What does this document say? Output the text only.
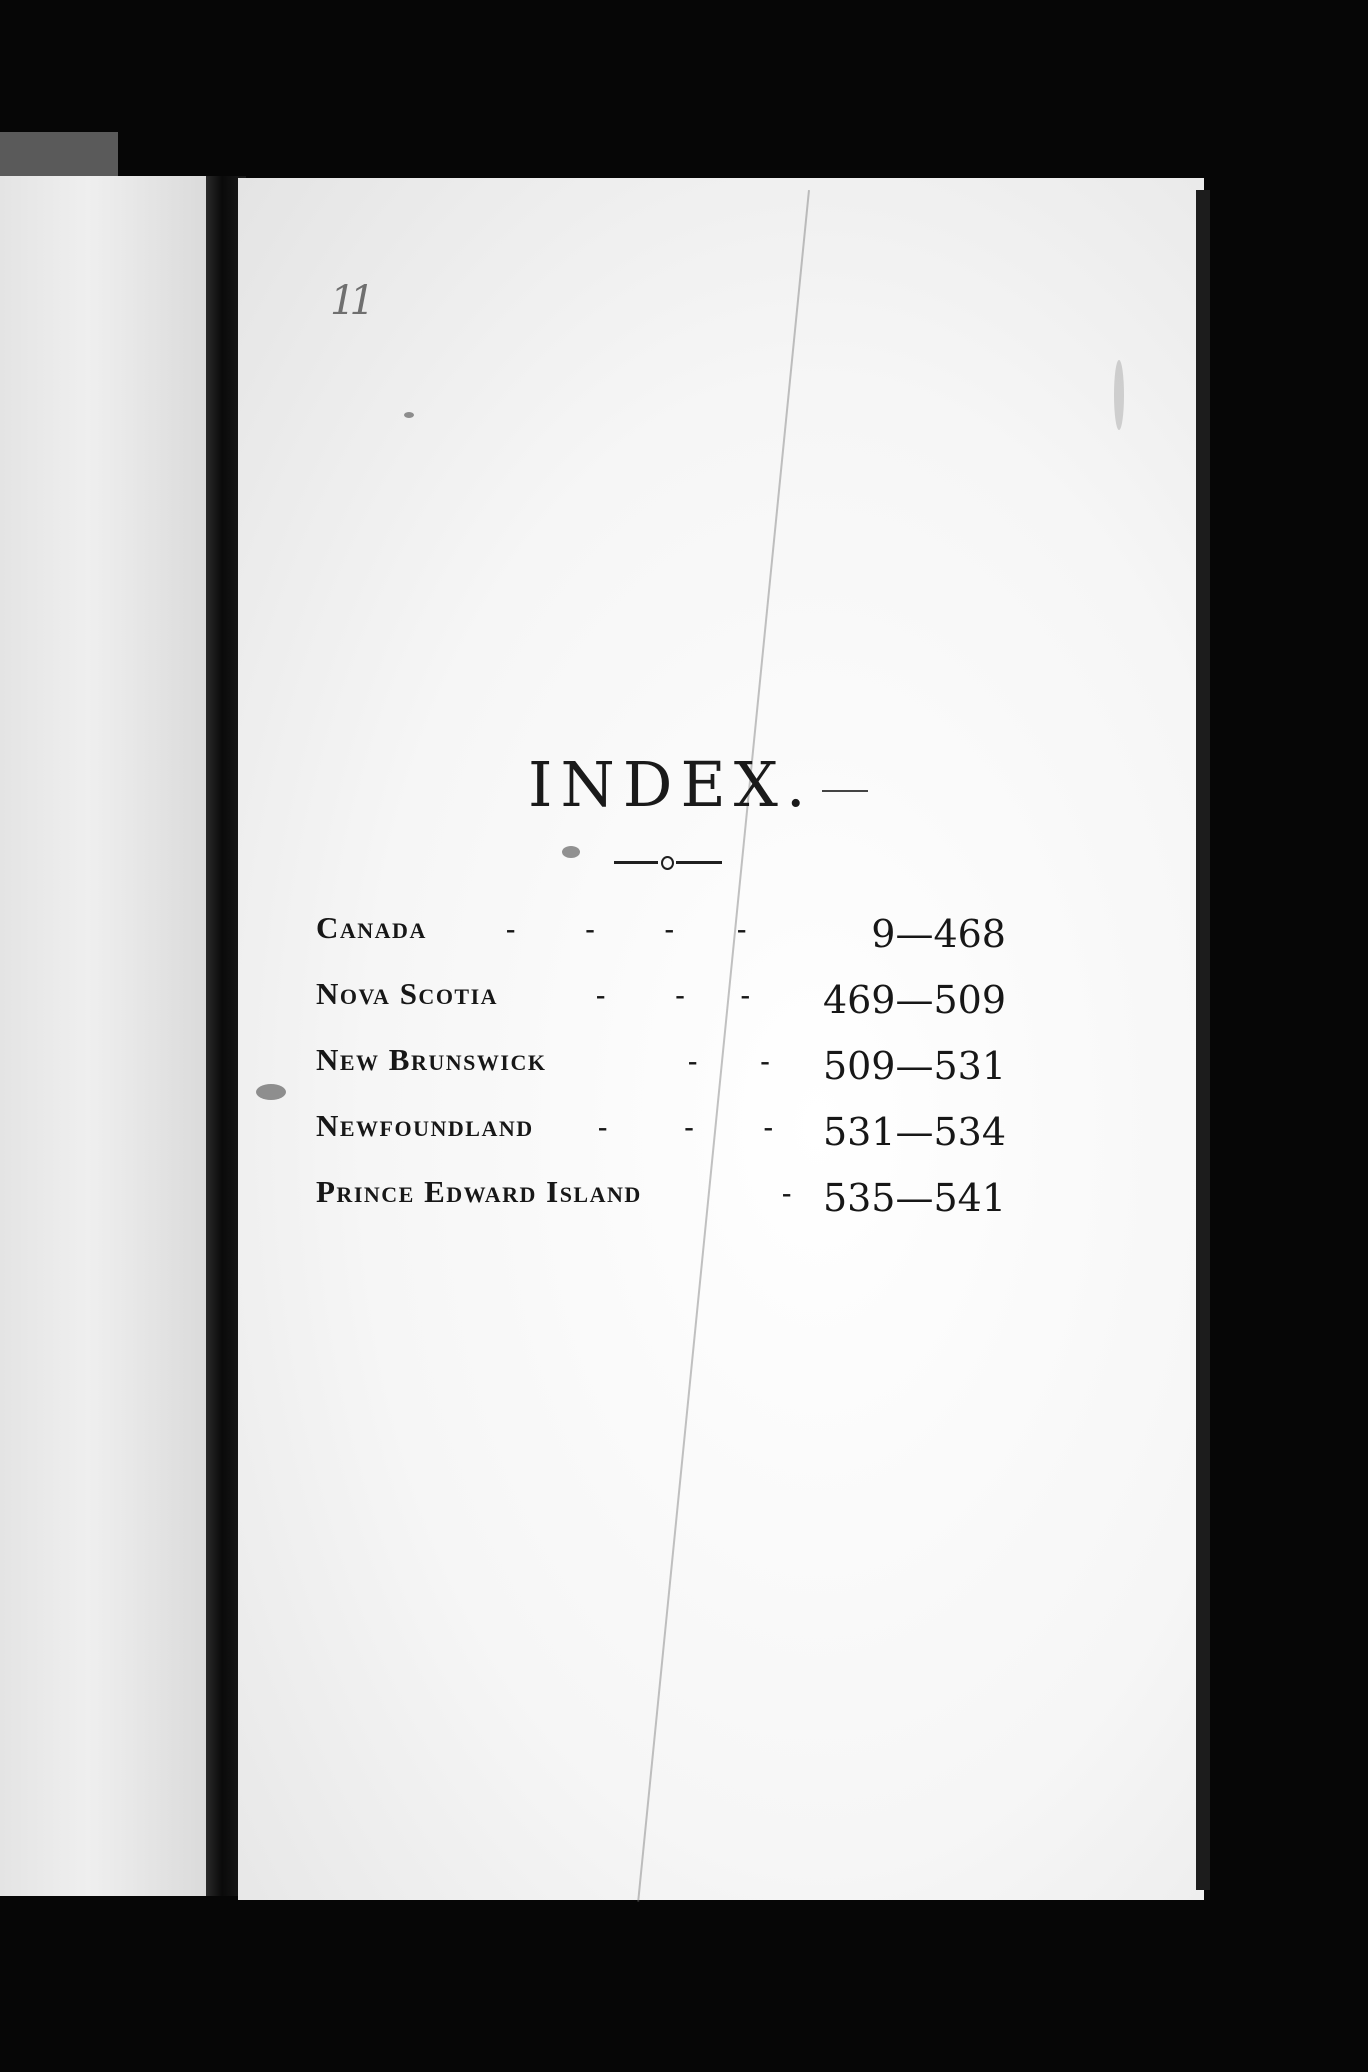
11
INDEX.
Canada	-          -          -         -	9—468
Nova Scotia	-          -        - 469—509
New Brunswick	-         - 509—531
Newfoundland -           -          - 531—534
Prince Edward Island	- 535—541
